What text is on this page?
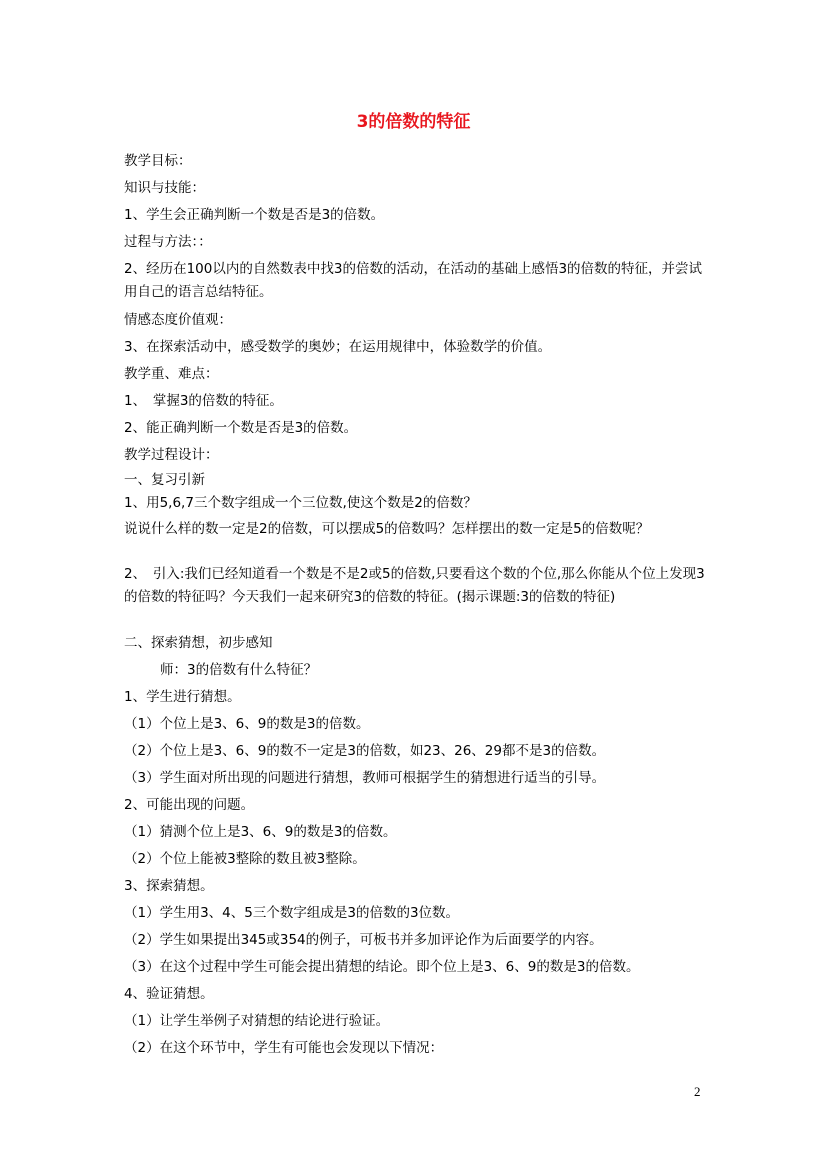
3的倍数的特征
教学目标：
知识与技能：
1、学生会正确判断一个数是否是3的倍数。
过程与方法：：
2、经历在100以内的自然数表中找3的倍数的活动，在活动的基础上感悟3的倍数的特征，并尝试用自己的语言总结特征。
情感态度价值观：
3、在探索活动中，感受数学的奥妙；在运用规律中，体验数学的价值。
教学重、难点：
1、　掌握3的倍数的特征。
2、能正确判断一个数是否是3的倍数。
教学过程设计：
一、复习引新
1、用5,6,7三个数字组成一个三位数,使这个数是2的倍数？
说说什么样的数一定是2的倍数，可以摆成5的倍数吗？怎样摆出的数一定是5的倍数呢？
2、　引入:我们已经知道看一个数是不是2或5的倍数,只要看这个数的个位,那么你能从个位上发现3的倍数的特征吗？今天我们一起来研究3的倍数的特征。(揭示课题:3的倍数的特征)
二、探索猜想，初步感知
师：3的倍数有什么特征？
1、学生进行猜想。
（1）个位上是3、6、9的数是3的倍数。
（2）个位上是3、6、9的数不一定是3的倍数，如23、26、29都不是3的倍数。
（3）学生面对所出现的问题进行猜想，教师可根据学生的猜想进行适当的引导。
2、可能出现的问题。
（1）猜测个位上是3、6、9的数是3的倍数。
（2）个位上能被3整除的数且被3整除。
3、探索猜想。
（1）学生用3、4、5三个数字组成是3的倍数的3位数。
（2）学生如果提出345或354的例子，可板书并多加评论作为后面要学的内容。
（3）在这个过程中学生可能会提出猜想的结论。即个位上是3、6、9的数是3的倍数。
4、验证猜想。
（1）让学生举例子对猜想的结论进行验证。
（2）在这个环节中，学生有可能也会发现以下情况：
2
